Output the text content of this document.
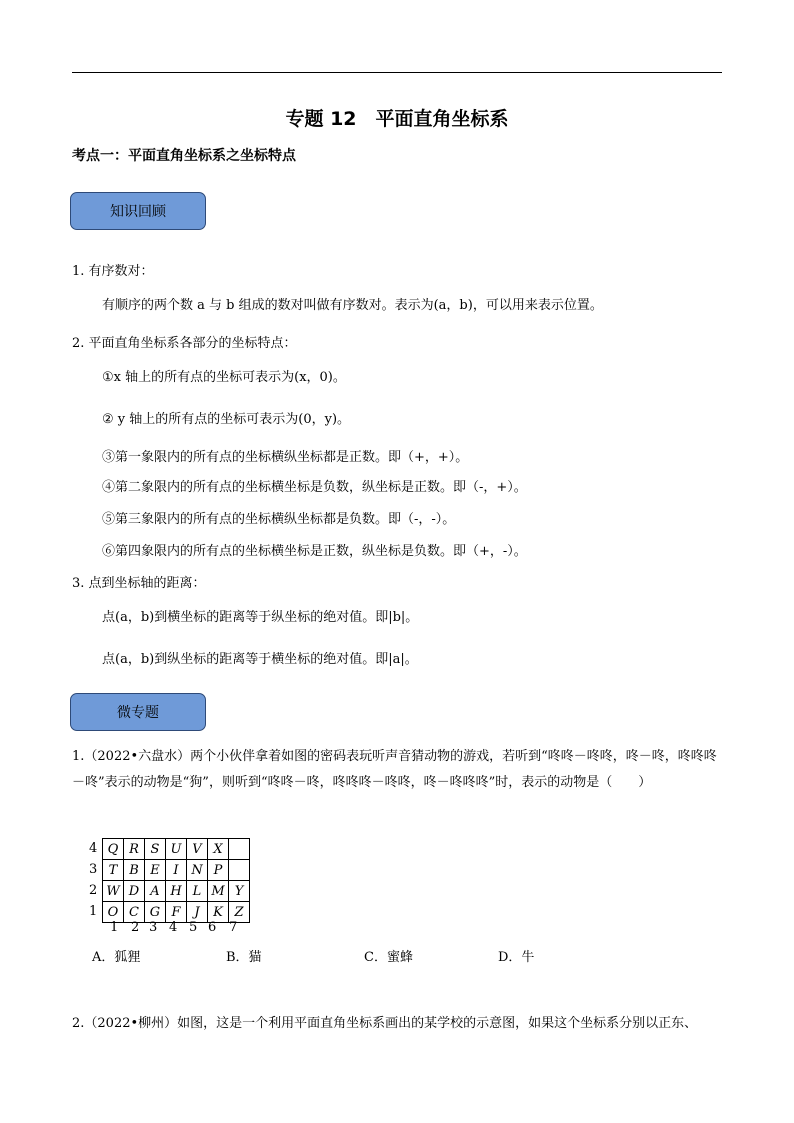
专题 12　平面直角坐标系
考点一：平面直角坐标系之坐标特点
知识回顾
1. 有序数对：
有顺序的两个数 a 与 b 组成的数对叫做有序数对。表示为(a，b)，可以用来表示位置。
2. 平面直角坐标系各部分的坐标特点：
①x 轴上的所有点的坐标可表示为(x，0)。
② y 轴上的所有点的坐标可表示为(0，y)。
③第一象限内的所有点的坐标横纵坐标都是正数。即（+，+）。
④第二象限内的所有点的坐标横坐标是负数，纵坐标是正数。即（-，+）。
⑤第三象限内的所有点的坐标横纵坐标都是负数。即（-，-）。
⑥第四象限内的所有点的坐标横坐标是正数，纵坐标是负数。即（+，-）。
3. 点到坐标轴的距离：
点(a，b)到横坐标的距离等于纵坐标的绝对值。即|b|。
点(a，b)到纵坐标的距离等于横坐标的绝对值。即|a|。
微专题
1.（2022•六盘水）两个小伙伴拿着如图的密码表玩听声音猜动物的游戏，若听到“咚咚－咚咚，咚－咚，咚咚咚－咚”表示的动物是“狗”，则听到“咚咚－咚，咚咚咚－咚咚，咚－咚咚咚”时，表示的动物是（　　）
4
3
2
1
Q	R	S	U	V	X	
T	B	E	I	N	P	
W	D	A	H	L	M	Y
O	C	G	F	J	K	Z
1 2 3 4 5 6 7
A．狐狸	B．猫	C．蜜蜂	D．牛
2.（2022•柳州）如图，这是一个利用平面直角坐标系画出的某学校的示意图，如果这个坐标系分别以正东、
